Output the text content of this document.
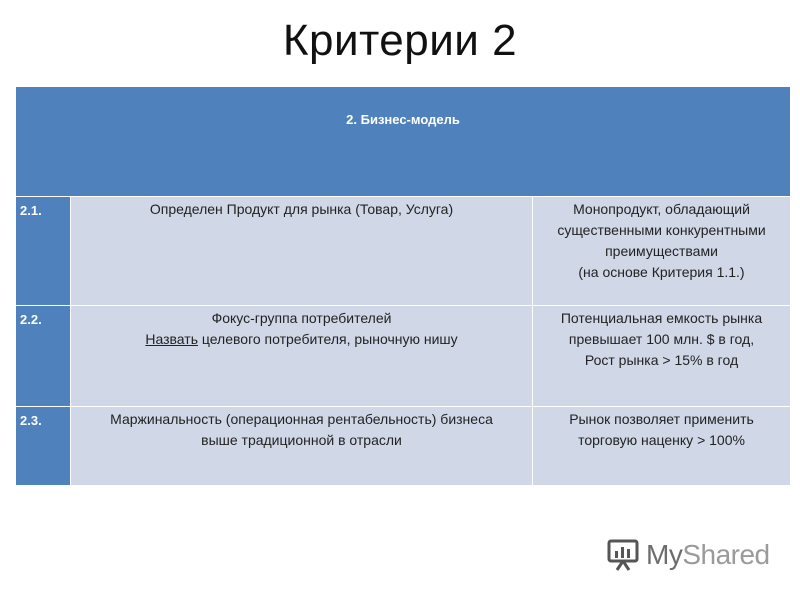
Критерии 2
2. Бизнес-модель		
2.1.	Определен Продукт для рынка (Товар, Услуга)	Монопродукт, обладающий
существенными конкурентными
преимуществами
(на основе Критерия 1.1.)

2.2.	Фокус-группа потребителей
Назвать целевого потребителя, рыночную нишу	Потенциальная емкость рынка
превышает 100 млн. $ в год,
Рост рынка > 15% в год

2.3.	Маржинальность (операционная рентабельность) бизнеса
выше традиционной в отрасли	Рынок позволяет применить
торговую наценку > 100%
MyShared
